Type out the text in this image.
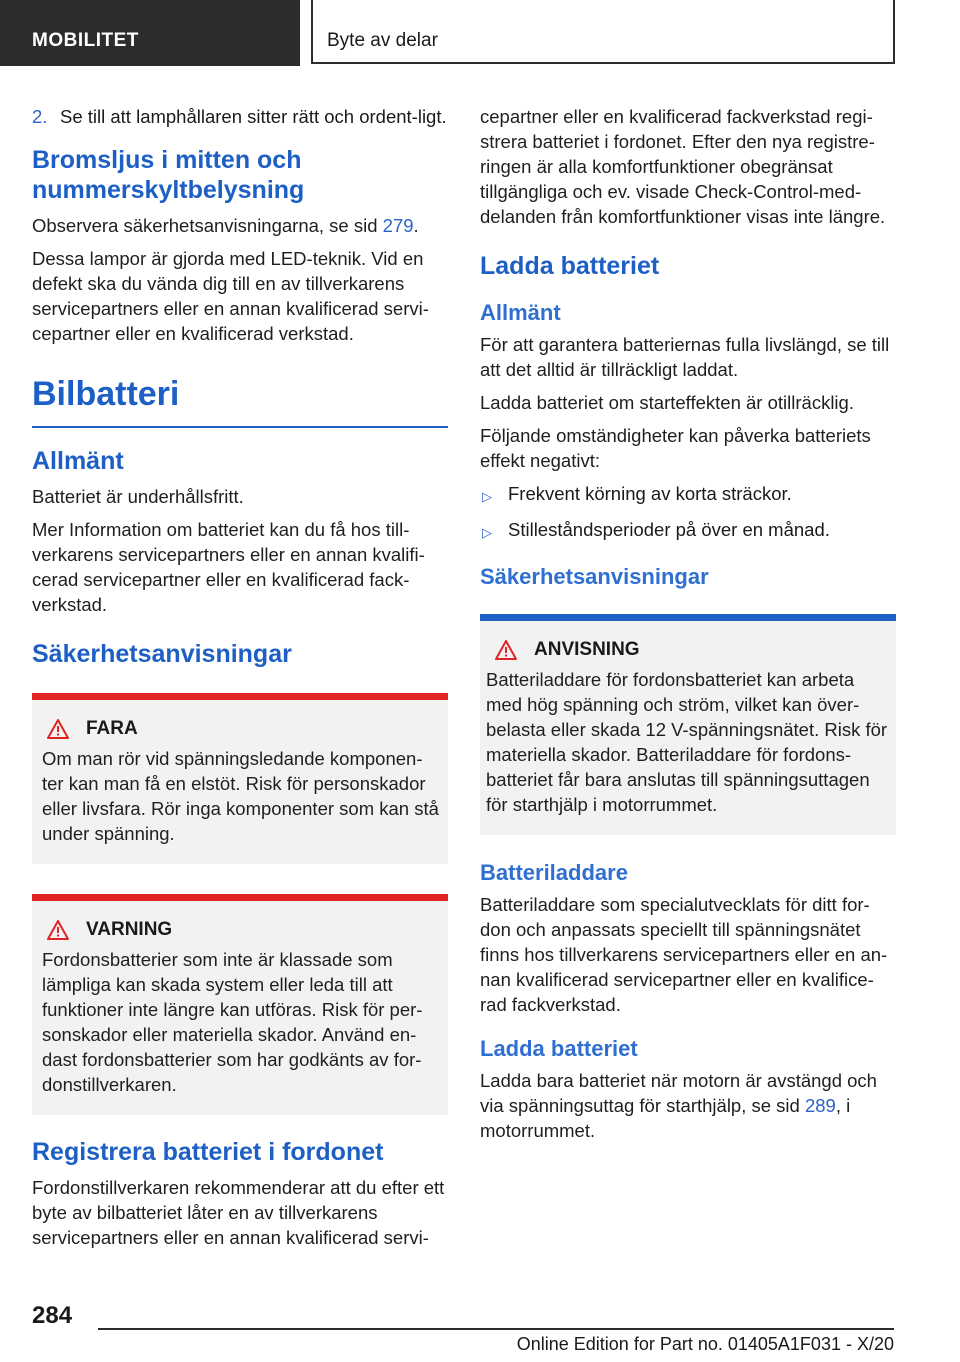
MOBILITET	Byte av delar
2. Se till att lamphållaren sitter rätt och ordent-ligt.
Bromsljus i mitten och nummerskyltbelysning

Observera säkerhetsanvisningarna, se sid 279.

Dessa lampor är gjorda med LED-teknik. Vid en defekt ska du vända dig till en av tillverkarens servicepartners eller en annan kvalificerad servi-cepartner eller en kvalificerad verkstad.

Bilbatteri
Allmänt

Batteriet är underhållsfritt.

Mer Information om batteriet kan du få hos till-verkarens servicepartners eller en annan kvalifi-cerad servicepartner eller en kvalificerad fack-verkstad.

Säkerhetsanvisningar
FARA

Om man rör vid spänningsledande komponen-ter kan man få en elstöt. Risk för personskador eller livsfara. Rör inga komponenter som kan stå under spänning.

VARNING

Fordonsbatterier som inte är klassade som lämpliga kan skada system eller leda till att funktioner inte längre kan utföras. Risk för per-sonskador eller materiella skador. Använd en-dast fordonsbatterier som har godkänts av for-donstillverkaren.

Registrera batteriet i fordonet

Fordonstillverkaren rekommenderar att du efter ett byte av bilbatteriet låter en av tillverkarens servicepartners eller en annan kvalificerad servi-

cepartner eller en kvalificerad fackverkstad regi-strera batteriet i fordonet. Efter den nya registre-ringen är alla komfortfunktioner obegränsat tillgängliga och ev. visade Check-Control-med-delanden från komfortfunktioner visas inte längre.

Ladda batteriet
Allmänt

För att garantera batteriernas fulla livslängd, se till att det alltid är tillräckligt laddat.

Ladda batteriet om starteffekten är otillräcklig.

Följande omständigheter kan påverka batteriets effekt negativt:

▷ Frekvent körning av korta sträckor.
▷ Stilleståndsperioder på över en månad.
Säkerhetsanvisningar
ANVISNING

Batteriladdare för fordonsbatteriet kan arbeta med hög spänning och ström, vilket kan över-belasta eller skada 12 V-spänningsnätet. Risk för materiella skador. Batteriladdare för fordons-batteriet får bara anslutas till spänningsuttagen för starthjälp i motorrummet.

Batteriladdare

Batteriladdare som specialutvecklats för ditt for-don och anpassats speciellt till spänningsnätet finns hos tillverkarens servicepartners eller en an-nan kvalificerad servicepartner eller en kvalifice-rad fackverkstad.

Ladda batteriet

Ladda bara batteriet när motorn är avstängd och via spänningsuttag för starthjälp, se sid 289, i motorrummet.

284
Online Edition for Part no. 01405A1F031 - X/20
